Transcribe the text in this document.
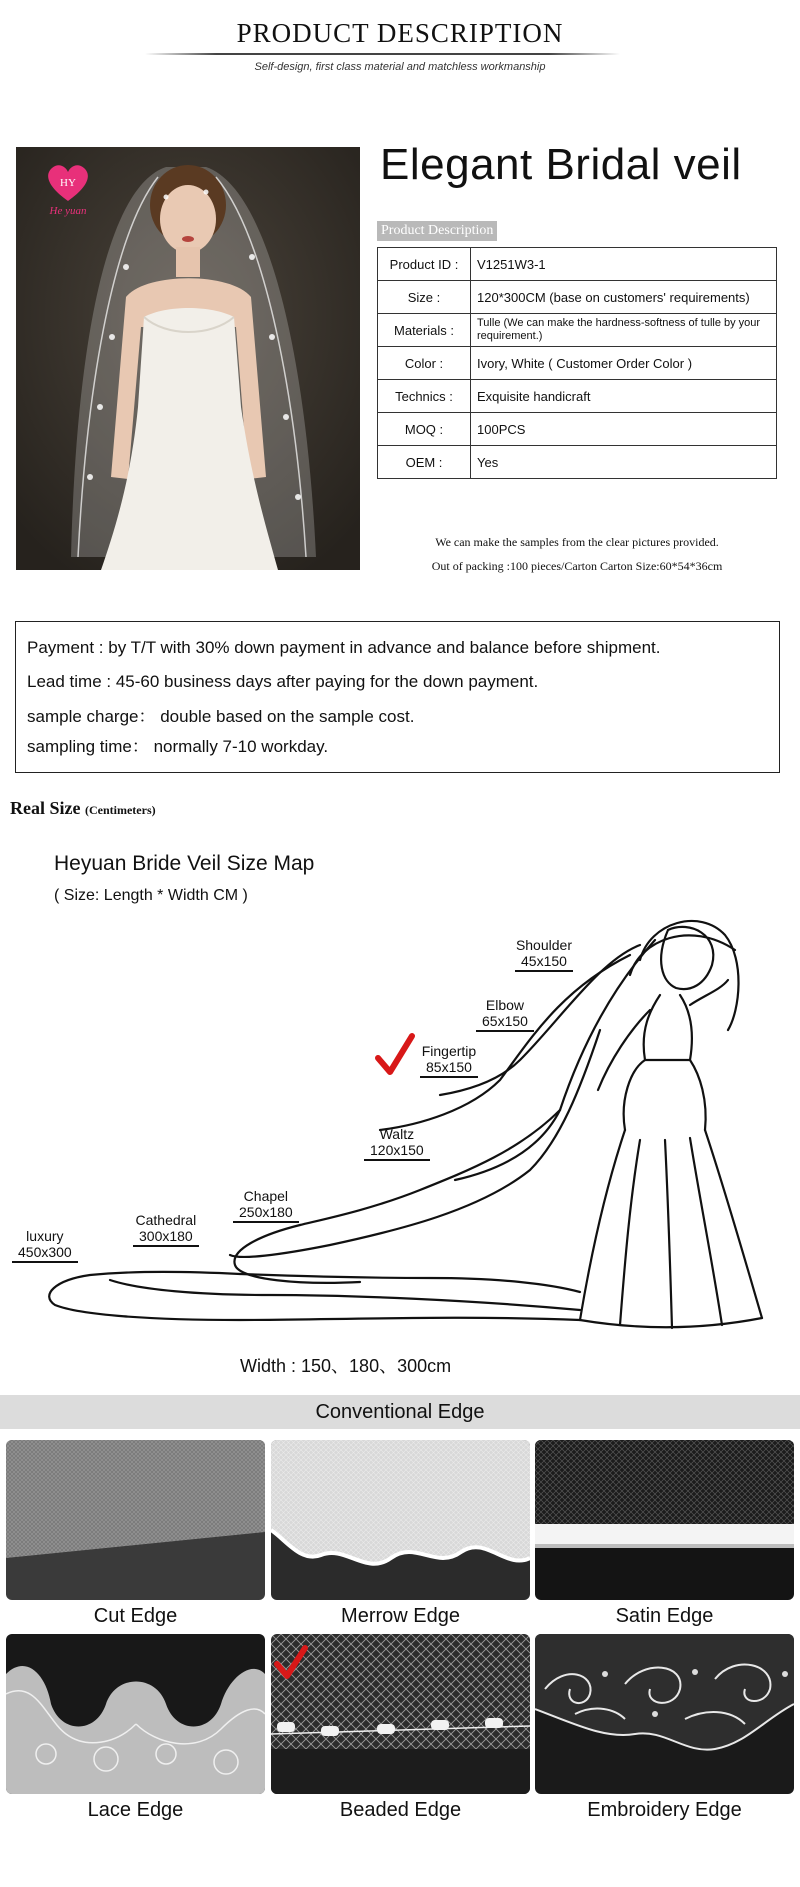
PRODUCT DESCRIPTION
Self-design, first class material and matchless workmanship
HY
He yuan
Elegant Bridal veil
Product Description
Product ID :	V1251W3-1
Size :	120*300CM (base on customers' requirements)
Materials :	Tulle (We can make the hardness-softness of tulle by your requirement.)
Color :	Ivory, White ( Customer Order Color )
Technics :	Exquisite handicraft
MOQ :	100PCS
OEM :	Yes
We can make the samples from the clear pictures provided.
Out of packing :100 pieces/Carton Carton Size:60*54*36cm
Payment : by T/T with 30% down payment in advance and balance before shipment.
Lead time : 45-60 business days after paying for the down payment.
sample charge： double based on the sample cost.
sampling time： normally 7-10 workday.
Real Size (Centimeters)
Heyuan Bride Veil Size Map
( Size: Length * Width CM )
Shoulder
45x150
Elbow
65x150
Fingertip
85x150
Waltz
120x150
Chapel
250x180
Cathedral
300x180
luxury
450x300
Width : 150、180、300cm
Conventional Edge
Cut Edge	Merrow Edge	Satin Edge
Lace Edge	Beaded Edge	Embroidery Edge
